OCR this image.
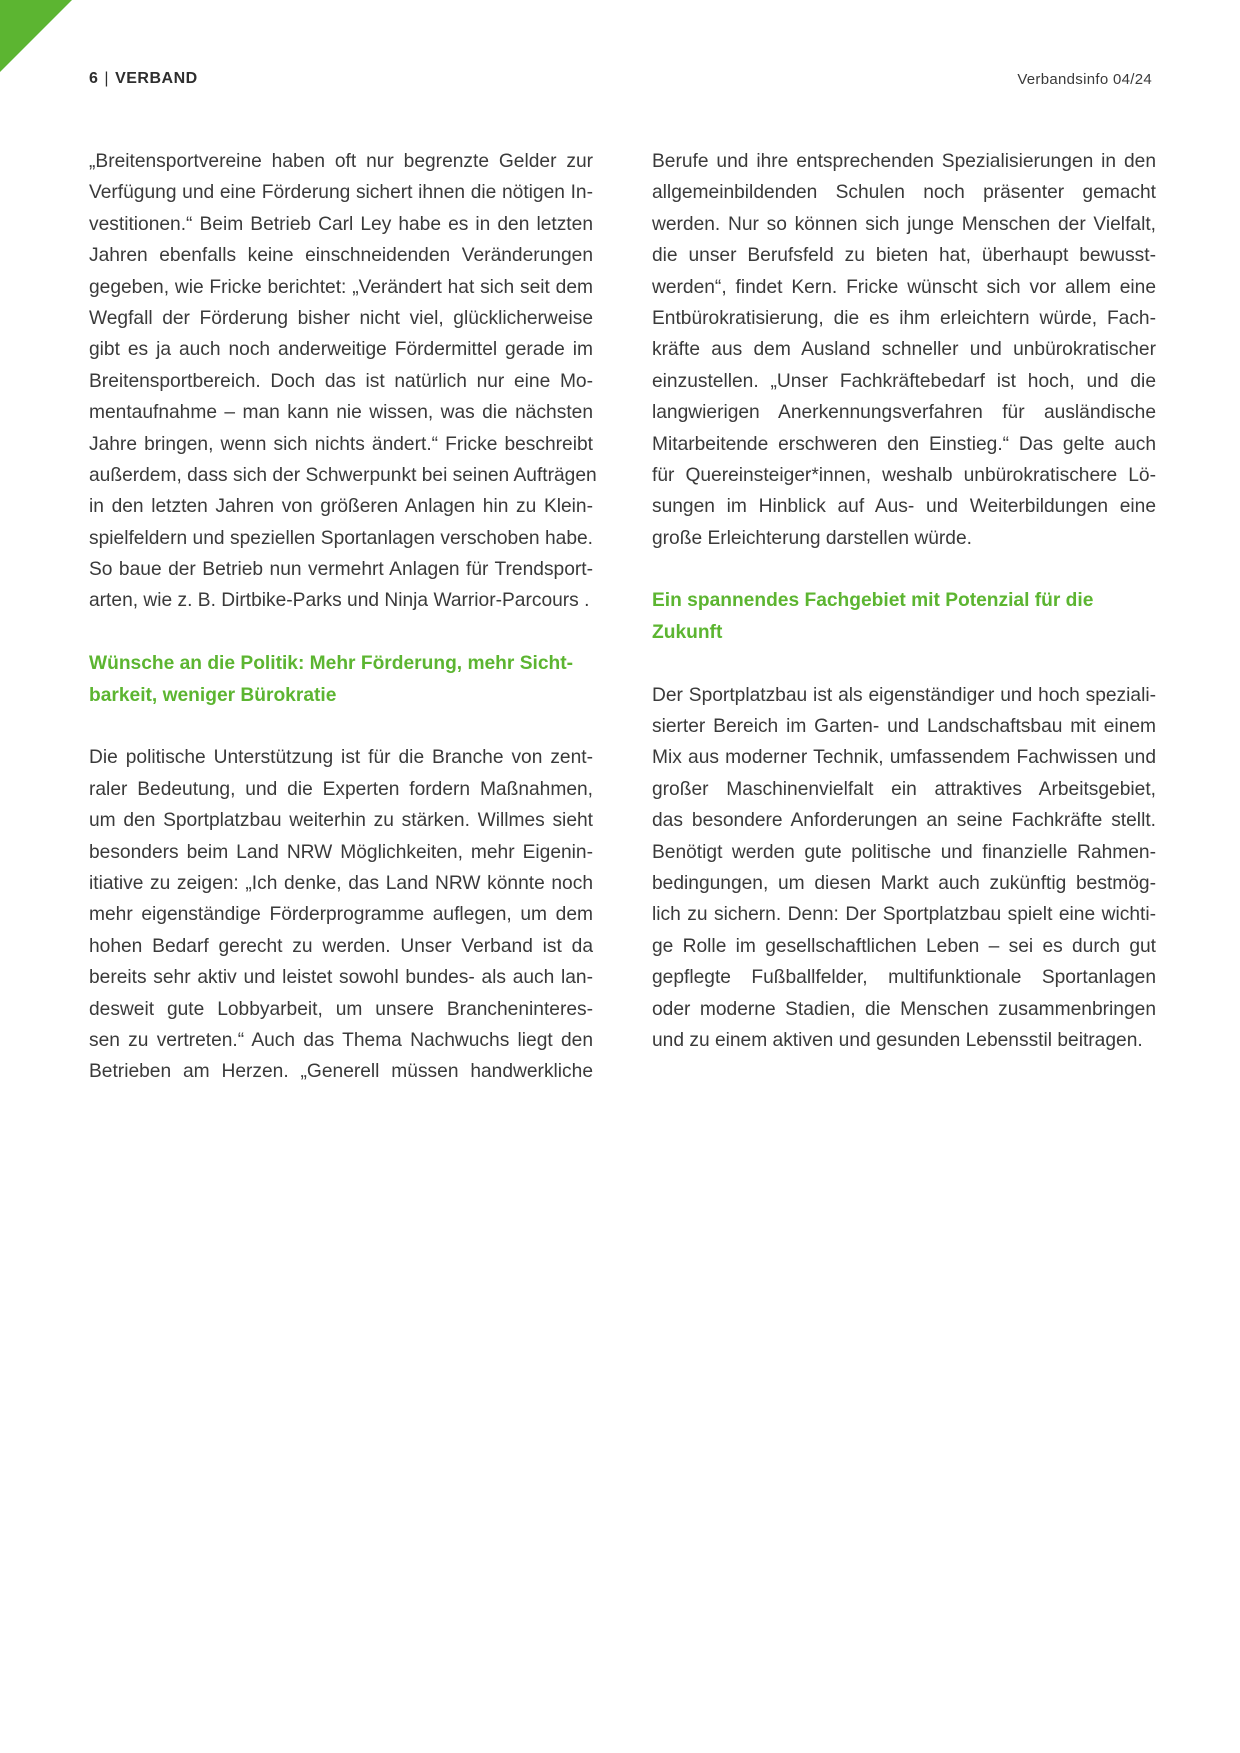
6 | VERBAND	Verbandsinfo 04/24
„Breitensportvereine haben oft nur begrenzte Gelder zur
Verfügung und eine Förderung sichert ihnen die nötigen In-
vestitionen.“ Beim Betrieb Carl Ley habe es in den letzten
Jahren ebenfalls keine einschneidenden Veränderungen
gegeben, wie Fricke berichtet: „Verändert hat sich seit dem
Wegfall der Förderung bisher nicht viel, glücklicherweise
gibt es ja auch noch anderweitige Fördermittel gerade im
Breitensportbereich. Doch das ist natürlich nur eine Mo-
mentaufnahme – man kann nie wissen, was die nächsten
Jahre bringen, wenn sich nichts ändert.“ Fricke beschreibt
außerdem, dass sich der Schwerpunkt bei seinen Aufträgen
in den letzten Jahren von größeren Anlagen hin zu Klein-
spielfeldern und speziellen Sportanlagen verschoben habe.
So baue der Betrieb nun vermehrt Anlagen für Trendsport-
arten, wie z. B. Dirtbike-Parks und Ninja Warrior-Parcours .
Wünsche an die Politik: Mehr Förderung, mehr Sicht-
barkeit, weniger Bürokratie
Die politische Unterstützung ist für die Branche von zent-
raler Bedeutung, und die Experten fordern Maßnahmen,
um den Sportplatzbau weiterhin zu stärken. Willmes sieht
besonders beim Land NRW Möglichkeiten, mehr Eigenin-
itiative zu zeigen: „Ich denke, das Land NRW könnte noch
mehr eigenständige Förderprogramme auflegen, um dem
hohen Bedarf gerecht zu werden. Unser Verband ist da
bereits sehr aktiv und leistet sowohl bundes- als auch lan-
desweit gute Lobbyarbeit, um unsere Brancheninteres-
sen zu vertreten.“ Auch das Thema Nachwuchs liegt den
Betrieben am Herzen. „Generell müssen handwerkliche
Berufe und ihre entsprechenden Spezialisierungen in den
allgemeinbildenden Schulen noch präsenter gemacht
werden. Nur so können sich junge Menschen der Vielfalt,
die unser Berufsfeld zu bieten hat, überhaupt bewusst-
werden“, findet Kern. Fricke wünscht sich vor allem eine
Entbürokratisierung, die es ihm erleichtern würde, Fach-
kräfte aus dem Ausland schneller und unbürokratischer
einzustellen. „Unser Fachkräftebedarf ist hoch, und die
langwierigen Anerkennungsverfahren für ausländische
Mitarbeitende erschweren den Einstieg.“ Das gelte auch
für Quereinsteiger*innen, weshalb unbürokratischere Lö-
sungen im Hinblick auf Aus- und Weiterbildungen eine
große Erleichterung darstellen würde.
Ein spannendes Fachgebiet mit Potenzial für die
Zukunft
Der Sportplatzbau ist als eigenständiger und hoch speziali-
sierter Bereich im Garten- und Landschaftsbau mit einem
Mix aus moderner Technik, umfassendem Fachwissen und
großer Maschinenvielfalt ein attraktives Arbeitsgebiet,
das besondere Anforderungen an seine Fachkräfte stellt.
Benötigt werden gute politische und finanzielle Rahmen-
bedingungen, um diesen Markt auch zukünftig bestmög-
lich zu sichern. Denn: Der Sportplatzbau spielt eine wichti-
ge Rolle im gesellschaftlichen Leben – sei es durch gut
gepflegte Fußballfelder, multifunktionale Sportanlagen
oder moderne Stadien, die Menschen zusammenbringen
und zu einem aktiven und gesunden Lebensstil beitragen.
